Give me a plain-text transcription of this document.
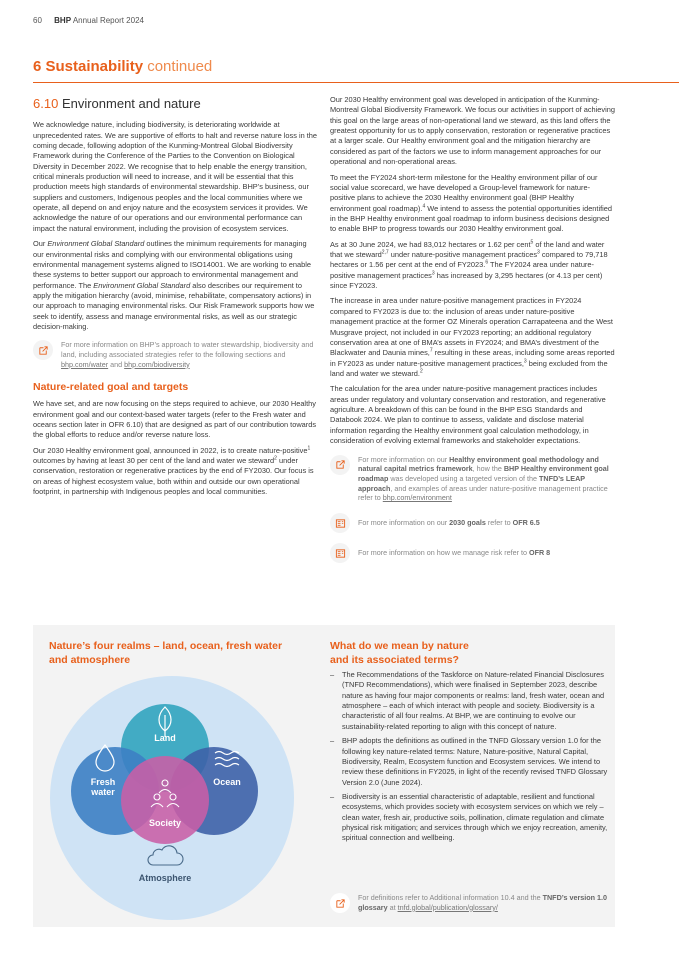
60 BHP Annual Report 2024
6 Sustainability continued
6.10 Environment and nature

We acknowledge nature, including biodiversity, is deteriorating worldwide at unprecedented rates. We are supportive of efforts to halt and reverse nature loss in the coming decade, following adoption of the Kunming-Montreal Global Biodiversity Framework during the Conference of the Parties to the Convention on Biological Diversity in December 2022. We recognise that to help enable the energy transition, critical minerals production will need to increase, and it will be essential that this production meets high standards of environmental stewardship. BHP’s business, our suppliers and customers, Indigenous peoples and the local communities where we operate, all depend on and enjoy nature and the ecosystem services it provides. We acknowledge the nature of our operations and our environmental performance can impact the natural environment, including the provision of ecosystem services.

Our Environment Global Standard outlines the minimum requirements for managing our environmental risks and complying with our environmental obligations using environmental management systems aligned to ISO14001. We are working to enable these systems to better support our approach to environmental management and performance. The Environment Global Standard also describes our requirement to apply the mitigation hierarchy (avoid, minimise, rehabilitate, compensatory actions) in our approach to managing environmental risks. Our Risk Framework supports how we seek to identify, assess and manage environmental risks, as well as our strategic decision-making.

For more information on BHP’s approach to water stewardship, biodiversity and land, including associated strategies refer to the following sections and bhp.com/water and bhp.com/biodiversity
Nature-related goal and targets

We have set, and are now focusing on the steps required to achieve, our 2030 Healthy environment goal and our context-based water targets (refer to the Fresh water and oceans section later in OFR 6.10) that are designed as part of our contribution towards the global efforts to reduce and/or reverse nature loss.

Our 2030 Healthy environment goal, announced in 2022, is to create nature-positive$^1$ outcomes by having at least 30 per cent of the land and water we steward$^2$ under conservation, restoration or regenerative practices by the end of FY2030. Our focus is on areas of highest ecosystem value, both within and outside our own operational footprint, in partnership with Indigenous peoples and local communities.

Our 2030 Healthy environment goal was developed in anticipation of the Kunming-Montreal Global Biodiversity Framework. We focus our activities in support of achieving this goal on the large areas of non-operational land we steward, as this land offers the greatest opportunity for us to apply conservation, restoration or regenerative practices at a larger scale. Our Healthy environment goal and the mitigation hierarchy are considered as part of the factors we use to inform management approaches for our operational and non-operational areas.

To meet the FY2024 short-term milestone for the Healthy environment pillar of our social value scorecard, we have developed a Group-level framework for nature-positive plans to achieve the 2030 Healthy environment goal (BHP Healthy environment goal roadmap).$^4$ We intend to assess the potential opportunities identified in the BHP Healthy environment goal roadmap to inform business decisions designed to enable BHP to progress towards our 2030 Healthy environment goal.

As at 30 June 2024, we had 83,012 hectares or 1.62 per cent$^5$ of the land and water that we steward$^{2,7}$ under nature-positive management practices$^3$ compared to 79,718 hectares or 1.56 per cent at the end of FY2023.$^6$ The FY2024 area under nature-positive management practices$^3$ has increased by 3,295 hectares (or 4.13 per cent) since FY2023.

The increase in area under nature-positive management practices in FY2024 compared to FY2023 is due to: the inclusion of areas under nature-positive management practice at the former OZ Minerals operation Carrapateena and the West Musgrave project, not included in our FY2023 reporting; an additional regulatory conservation area at one of BMA’s assets in FY2024; and BMA’s divestment of the Blackwater and Daunia mines,$^7$ resulting in these areas, including some areas reported in FY2023 as under nature-positive management practices,$^3$ being excluded from the land and water we steward.$^2$

The calculation for the area under nature-positive management practices includes areas under regulatory and voluntary conservation and restoration, and regenerative agriculture. A breakdown of this can be found in the BHP ESG Standards and Databook 2024. We plan to continue to assess, validate and disclose material information regarding the Healthy environment goal calculation methodology, in consideration of evolving external frameworks and stakeholder expectations.

For more information on our Healthy environment goal methodology and natural capital metrics framework, how the BHP Healthy environment goal roadmap was developed using a targeted version of the TNFD’s LEAP approach, and examples of areas under nature-positive management practice refer to bhp.com/environment
For more information on our 2030 goals refer to OFR 6.5
For more information on how we manage risk refer to OFR 8
Nature’s four realms – land, ocean, fresh water and atmosphere
Land
Fresh
water
Ocean
Society
Atmosphere
What do we mean by nature
and its associated terms?
–	The Recommendations of the Taskforce on Nature-related Financial Disclosures (TNFD Recommendations), which were finalised in September 2023, describe nature as having four major components or realms: land, fresh water, ocean and atmosphere – each of which interact with people and society. Biodiversity is a characteristic of all four realms. At BHP, we are continuing to evolve our sustainability-related reporting to align with this concept of nature.
–	BHP adopts the definitions as outlined in the TNFD Glossary version 1.0 for the following key nature-related terms: Nature, Nature-positive, Natural Capital, Biodiversity, Realm, Ecosystem function and Ecosystem services. We intend to review these definitions in FY2025, in light of the recently revised TNFD Glossary Version 2.0 (June 2024).
–	Biodiversity is an essential characteristic of adaptable, resilient and functional ecosystems, which provides society with ecosystem services on which we rely – clean water, fresh air, productive soils, pollination, climate regulation and climate physical risk mitigation; and services through which we enjoy recreation, amenity, spiritual connection and wellbeing.
For definitions refer to Additional information 10.4 and the TNFD’s version 1.0 glossary at tnfd.global/publication/glossary/
